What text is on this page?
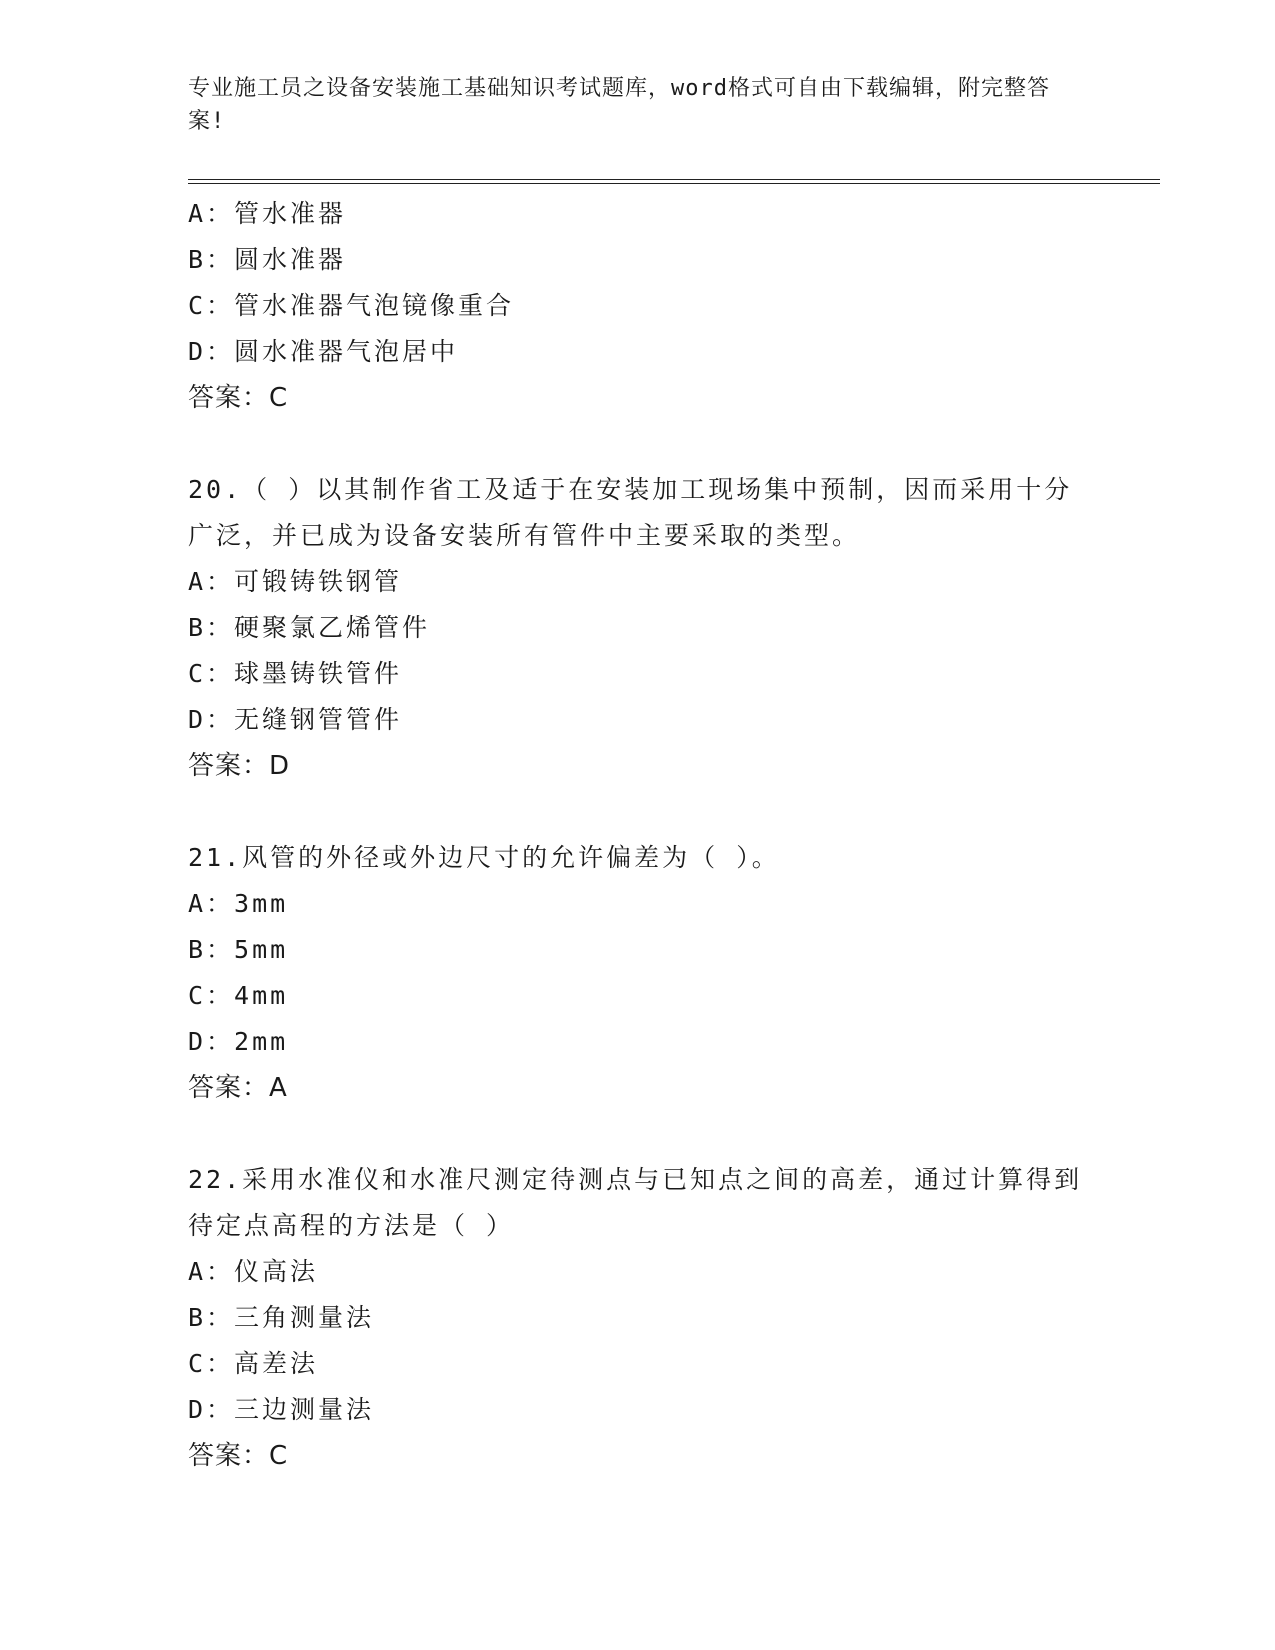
专业施工员之设备安装施工基础知识考试题库，word格式可自由下载编辑，附完整答案!
A：管水准器
B：圆水准器
C：管水准器气泡镜像重合
D：圆水准器气泡居中
答案：C
20.（ ）以其制作省工及适于在安装加工现场集中预制，因而采用十分广泛，并已成为设备安装所有管件中主要采取的类型。
A：可锻铸铁钢管
B：硬聚氯乙烯管件
C：球墨铸铁管件
D：无缝钢管管件
答案：D
21.风管的外径或外边尺寸的允许偏差为（ ）。
A：3mm
B：5mm
C：4mm
D：2mm
答案：A
22.采用水准仪和水准尺测定待测点与已知点之间的高差，通过计算得到待定点高程的方法是（ ）
A：仪高法
B：三角测量法
C：高差法
D：三边测量法
答案：C
